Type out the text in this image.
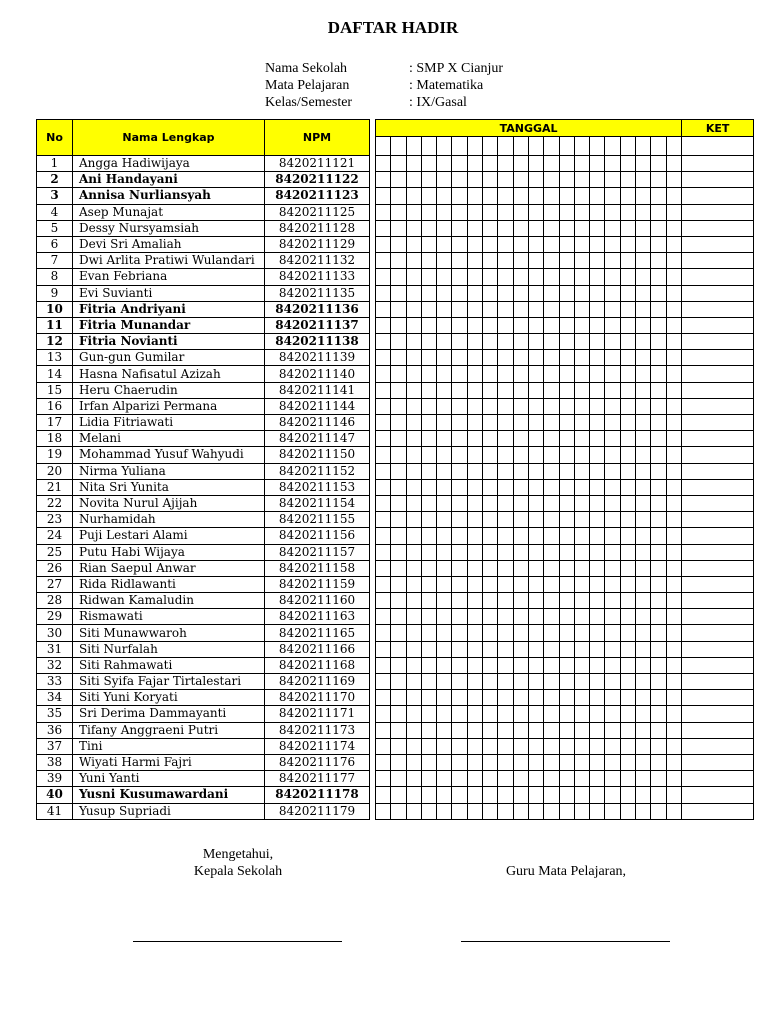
DAFTAR HADIR
Nama Sekolah	: SMP X Cianjur
Mata Pelajaran	: Matematika
Kelas/Semester	: IX/Gasal
No	Nama Lengkap	NPM		TANGGAL																				KET

1	Angga Hadiwijaya	8420211121																						
2	Ani Handayani	8420211122																						
3	Annisa Nurliansyah	8420211123																						
4	Asep Munajat	8420211125																						
5	Dessy Nursyamsiah	8420211128																						
6	Devi Sri Amaliah	8420211129																						
7	Dwi Arlita Pratiwi Wulandari	8420211132																						
8	Evan Febriana	8420211133																						
9	Evi Suvianti	8420211135																						
10	Fitria Andriyani	8420211136																						
11	Fitria Munandar	8420211137																						
12	Fitria Novianti	8420211138																						
13	Gun-gun Gumilar	8420211139																						
14	Hasna Nafisatul Azizah	8420211140																						
15	Heru Chaerudin	8420211141																						
16	Irfan Alparizi Permana	8420211144																						
17	Lidia Fitriawati	8420211146																						
18	Melani	8420211147																						
19	Mohammad Yusuf Wahyudi	8420211150																						
20	Nirma Yuliana	8420211152																						
21	Nita Sri Yunita	8420211153																						
22	Novita Nurul Ajijah	8420211154																						
23	Nurhamidah	8420211155																						
24	Puji Lestari Alami	8420211156																						
25	Putu Habi Wijaya	8420211157																						
26	Rian Saepul Anwar	8420211158																						
27	Rida Ridlawanti	8420211159																						
28	Ridwan Kamaludin	8420211160																						
29	Rismawati	8420211163																						
30	Siti Munawwaroh	8420211165																						
31	Siti Nurfalah	8420211166																						
32	Siti Rahmawati	8420211168																						
33	Siti Syifa Fajar Tirtalestari	8420211169																						
34	Siti Yuni Koryati	8420211170																						
35	Sri Derima Dammayanti	8420211171																						
36	Tifany Anggraeni Putri	8420211173																						
37	Tini	8420211174																						
38	Wiyati Harmi Fajri	8420211176																						
39	Yuni Yanti	8420211177																						
40	Yusni Kusumawardani	8420211178																						
41	Yusup Supriadi	8420211179																						
Mengetahui,
Kepala Sekolah	Guru Mata Pelajaran,
